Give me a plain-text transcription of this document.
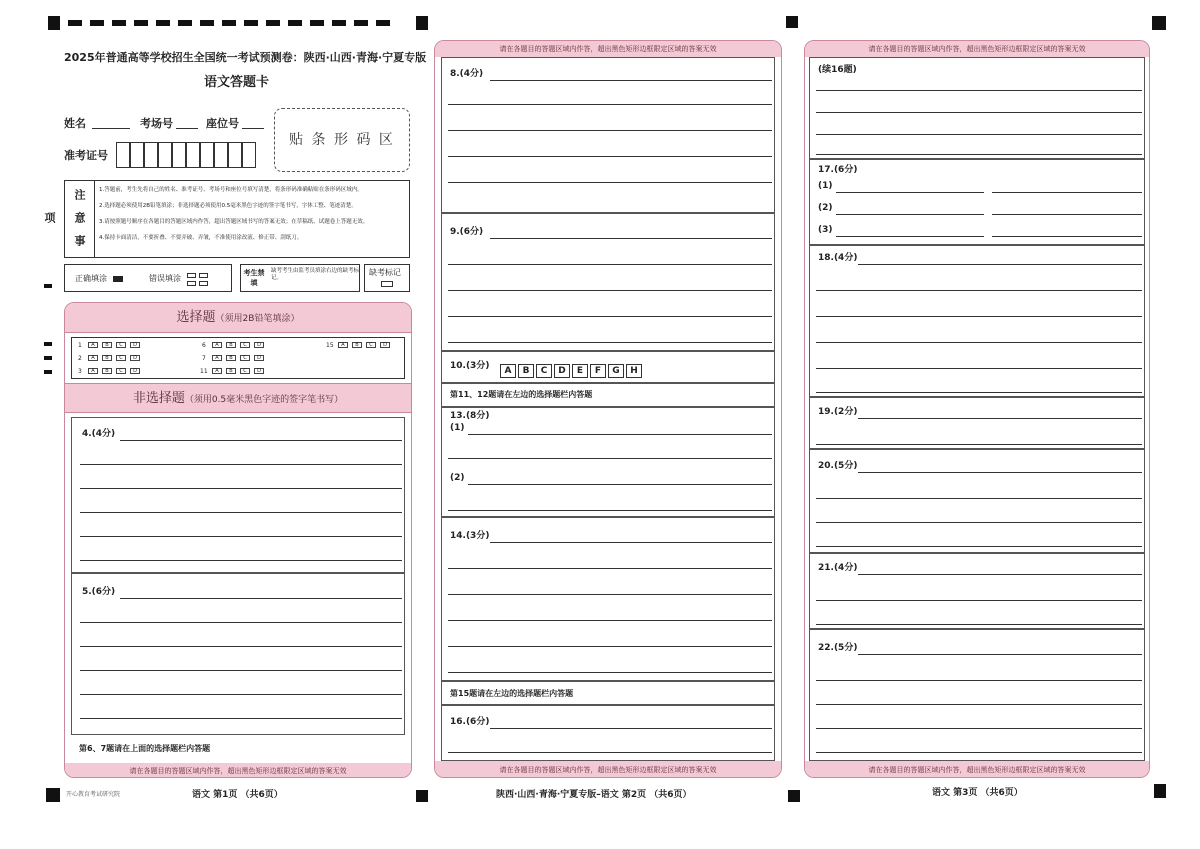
2025年普通高等学校招生全国统一考试预测卷：陕西·山西·青海·宁夏专版
语文答题卡
姓名	考场号	座位号
准考证号
贴 条 形 码 区
注 意 事 项
1.答题前，考生先将自己的姓名、准考证号、考场号和座位号填写清楚，将条形码准确粘贴在条形码区域内。
2.选择题必须使用2B铅笔填涂；非选择题必须使用0.5毫米黑色字迹的签字笔书写，字体工整、笔迹清楚。
3.请按照题号顺序在各题目的答题区域内作答，超出答题区域书写的答案无效；在草稿纸、试题卷上答题无效。
4.保持卡面清洁，不要折叠、不要弄破、弄皱，不准使用涂改液、修正带、刮纸刀。
正确填涂	错误填涂
考生禁填
缺考考生由监考员填涂右边的缺考标记。
缺考标记
选择题（须用2B铅笔填涂）
1	A	B	C	D
2	A	B	C	D
3	A	B	C	D
6	A	B	C	D
7	A	B	C	D
11	A	B	C	D
15	A	B	C	D
非选择题（须用0.5毫米黑色字迹的签字笔书写）
4.(4分)
5.(6分)
第6、7题请在上面的选择题栏内答题
请在各题目的答题区域内作答，超出黑色矩形边框限定区域的答案无效
请在各题目的答题区域内作答，超出黑色矩形边框限定区域的答案无效
8.(4分)
9.(6分)
10.(3分)	A B C D E F G H
第11、12题请在左边的选择题栏内答题
13.(8分)
(1)
(2)
14.(3分)
第15题请在左边的选择题栏内答题
16.(6分)
请在各题目的答题区域内作答，超出黑色矩形边框限定区域的答案无效
请在各题目的答题区域内作答，超出黑色矩形边框限定区域的答案无效
(续16题)
17.(6分)
(1)
(2)
(3)
18.(4分)
19.(2分)
20.(5分)
21.(4分)
22.(5分)
请在各题目的答题区域内作答，超出黑色矩形边框限定区域的答案无效
开心教育考试研究院	语文 第1页 （共6页）	陕西·山西·青海·宁夏专版–语文 第2页 （共6页）	语文 第3页 （共6页）
